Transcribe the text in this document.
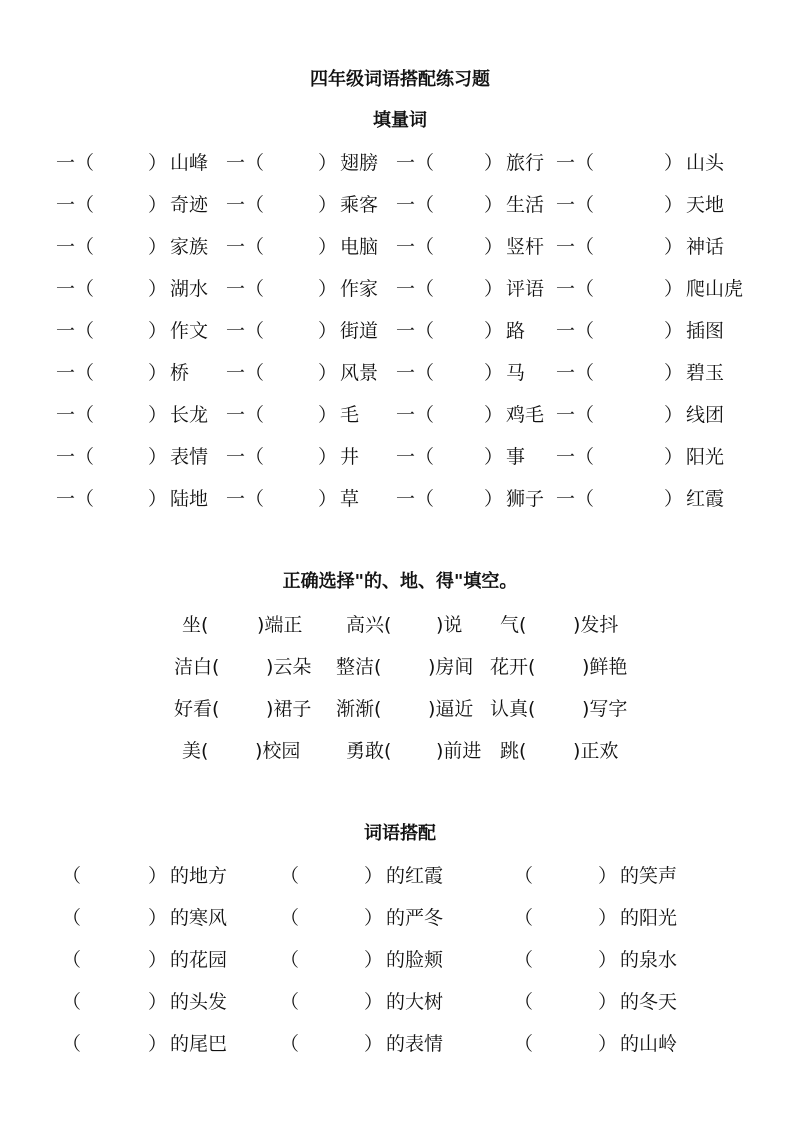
四年级词语搭配练习题
填量词
一（	） 山峰 一（	） 翅膀 一（	） 旅行 一（	） 山头
一（	） 奇迹 一（	） 乘客 一（	） 生活 一（	） 天地
一（	） 家族 一（	） 电脑 一（	） 竖杆 一（	） 神话
一（	） 湖水 一（	） 作家 一（	） 评语 一（	） 爬山虎
一（	） 作文 一（	） 街道 一（	） 路 一（	） 插图
一（	） 桥 一（	） 风景 一（	） 马 一（	） 碧玉
一（	） 长龙 一（	） 毛 一（	） 鸡毛 一（	） 线团
一（	） 表情 一（	） 井 一（	） 事 一（	） 阳光
一（	） 陆地 一（	） 草 一（	） 狮子 一（	） 红霞
正确选择"的、地、得"填空。
坐(	)端正 高兴( )说 气( )发抖
洁白( )云朵 整洁( )房间 花开( )鲜艳
好看( )裙子 渐渐( )逼近 认真( )写字
美( )校园 勇敢( )前进 跳( )正欢
词语搭配
（	） 的地方	（	） 的红霞	（	） 的笑声
（	） 的寒风	（	） 的严冬	（	） 的阳光
（	） 的花园	（	） 的脸颊	（	） 的泉水
（	） 的头发	（	） 的大树	（	） 的冬天
（	） 的尾巴	（	） 的表情	（	） 的山岭
